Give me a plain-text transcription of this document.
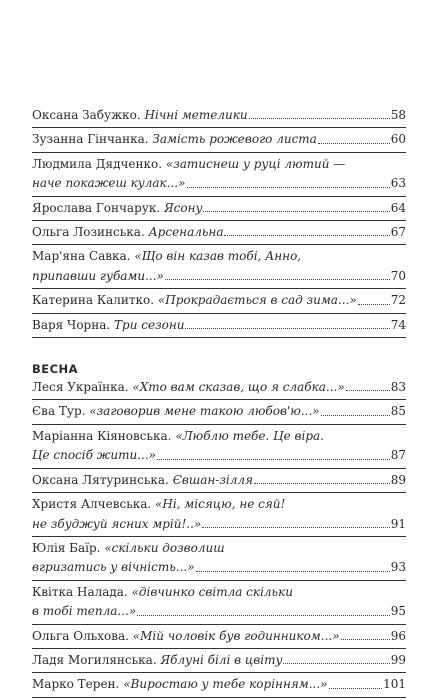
Оксана Забужко. Нічні метелики	58
Зузанна Гінчанка. Замість рожевого листа	60
Людмила Дядченко. «затиснеш у руці лютий —
наче покажеш кулак...»	63
Ярослава Гончарук. Ясону	64
Ольга Лозинська. Арсенальна	67
Мар'яна Савка. «Що він казав тобі, Анно,
припавши губами...»	70
Катерина Калитко. «Прокрадається в сад зима...»	72
Варя Чорна. Три сезони	74
ВЕСНА
Леся Українка. «Хто вам сказав, що я слабка...»	83
Єва Тур. «заговорив мене такою любов'ю...»	85
Маріанна Кіяновська. «Люблю тебе. Це віра.
Це спосіб жити...»	87
Оксана Лятуринська. Євшан-зілля	89
Христя Алчевська. «Ні, місяцю, не сяй!
не збуджуй ясних мрій!..»	91
Юлія Баїр. «скільки дозволиш
вгризатись у вічність...»	93
Квітка Налада. «дівчинко світла скільки
в тобі тепла...»	95
Ольга Ольхова. «Мій чоловік був годинником...»	96
Ладя Могилянська. Яблуні білі в цвіту	99
Марко Терен. «Виростаю у тебе корінням...»	101
